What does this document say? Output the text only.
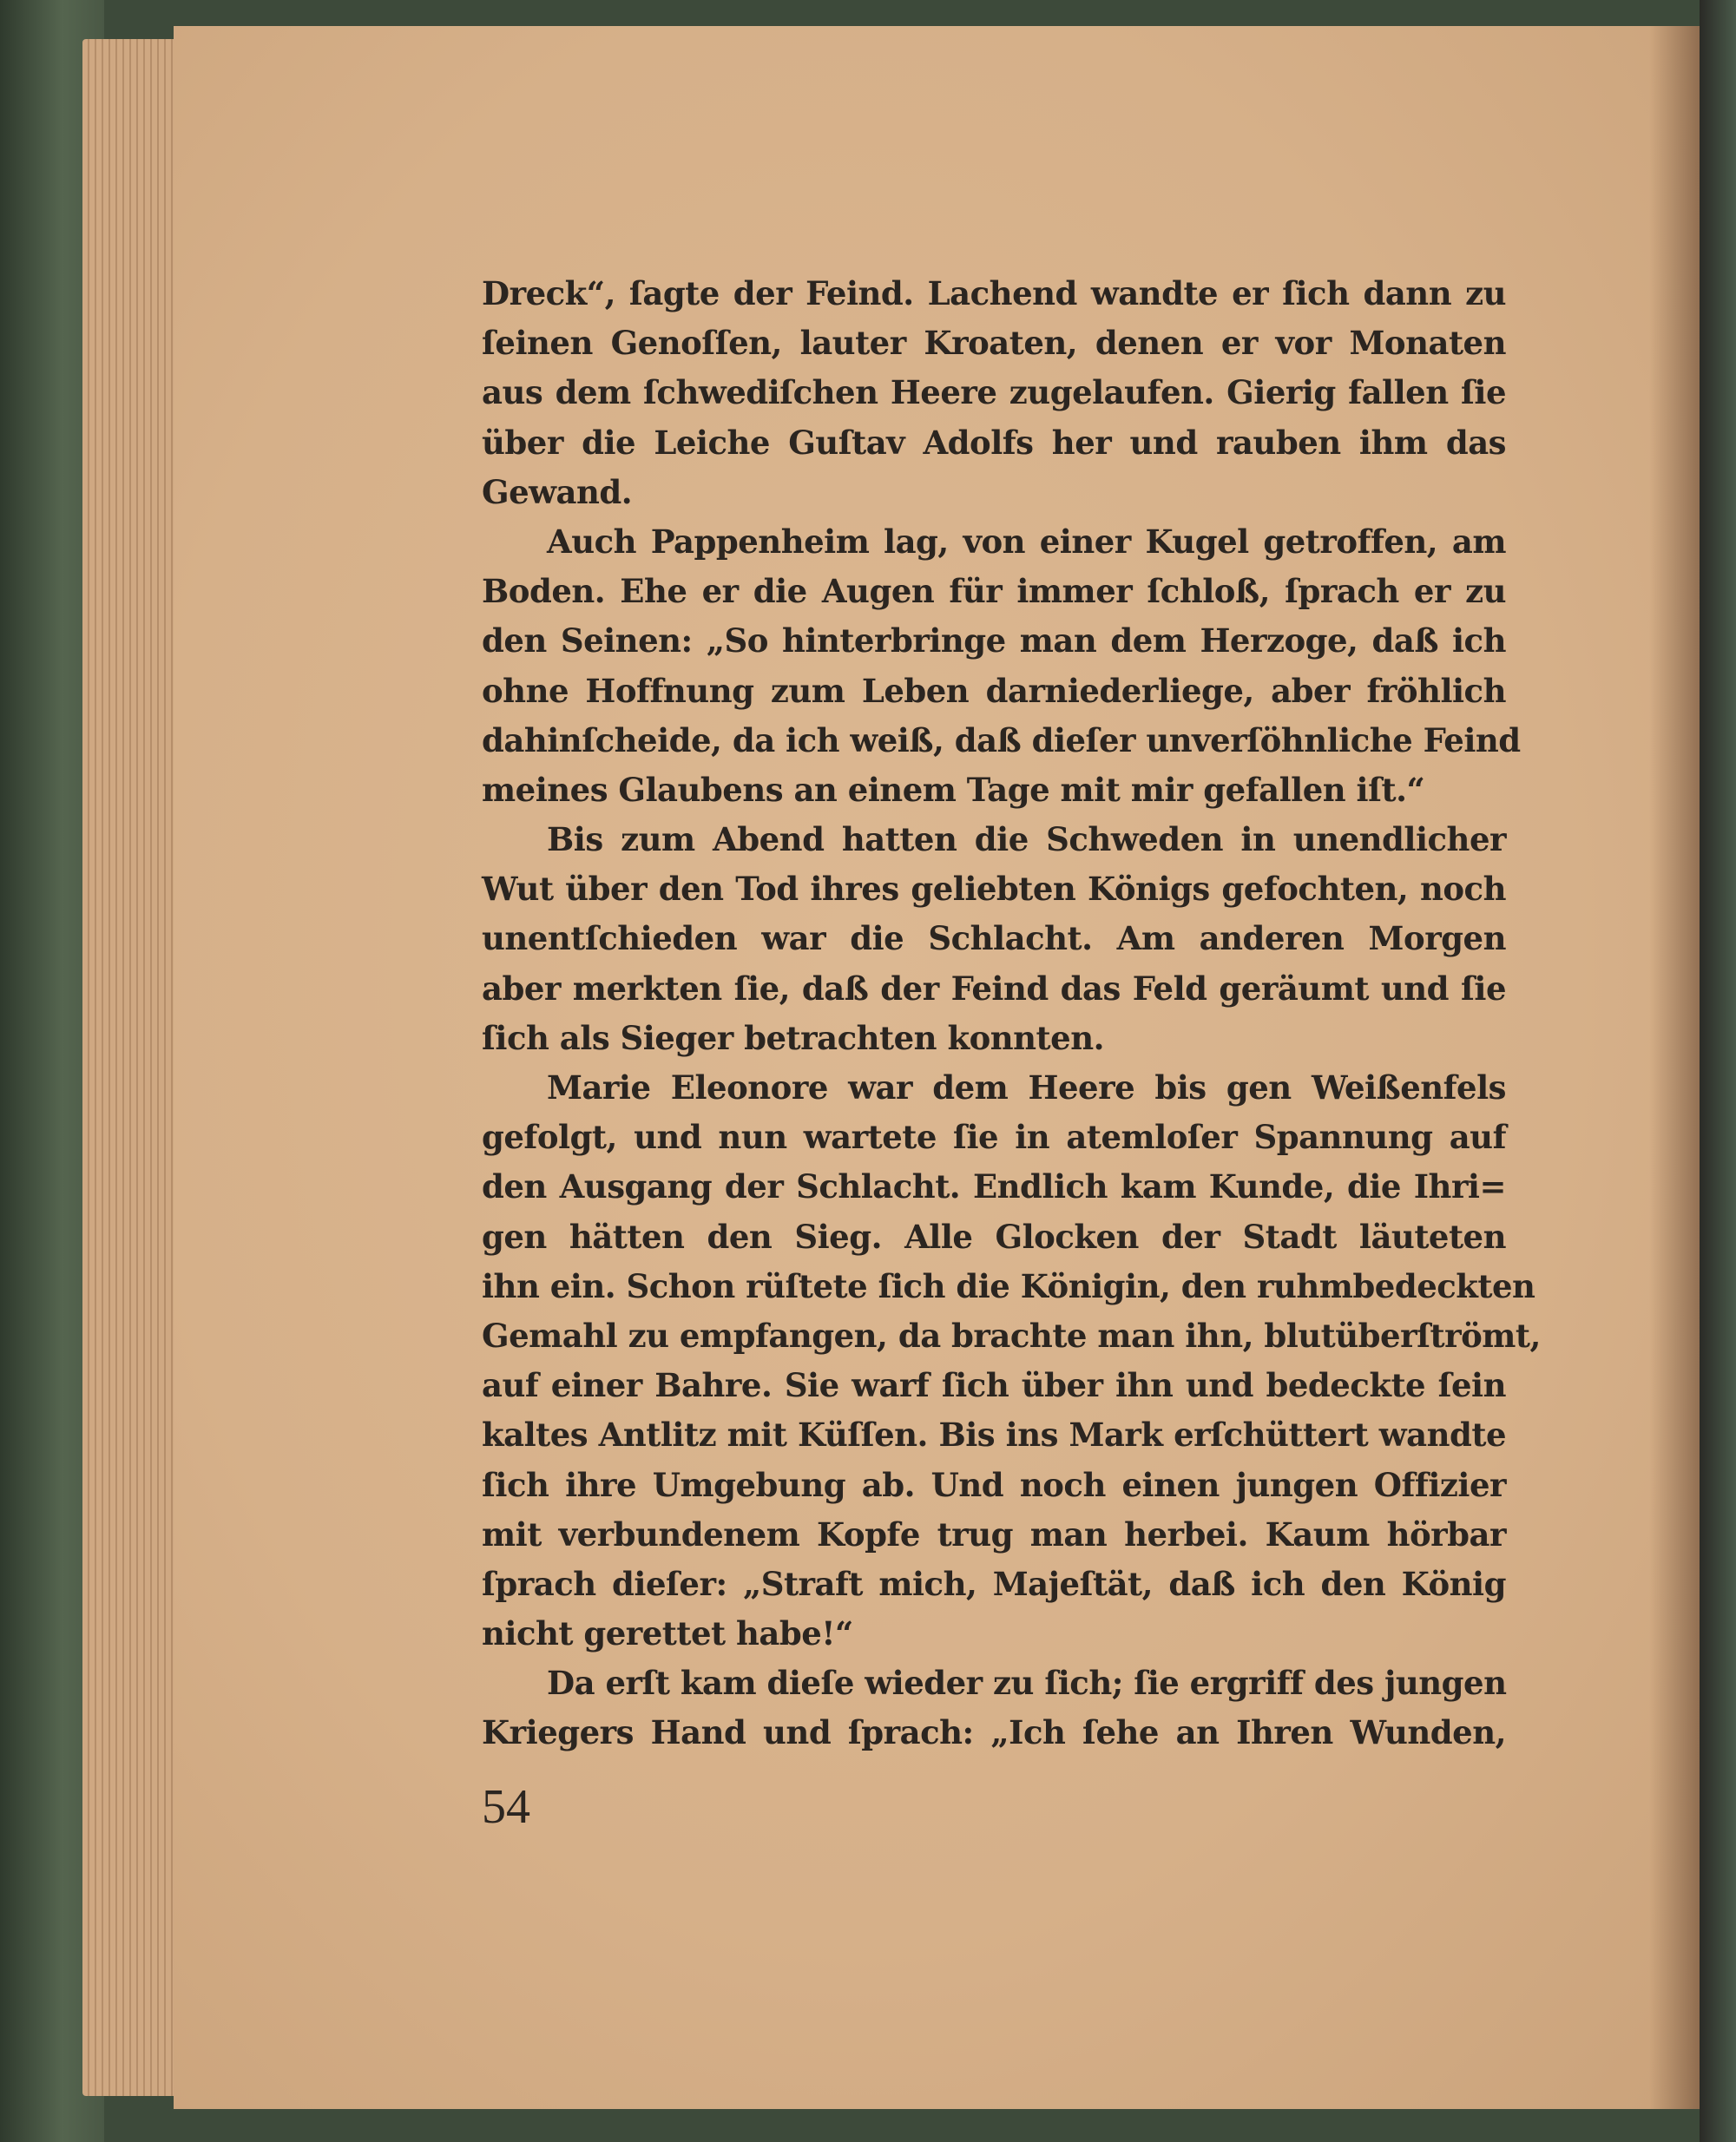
Dreck“, ſagte der Feind. Lachend wandte er ſich dann zu
ſeinen Genoſſen, lauter Kroaten, denen er vor Monaten
aus dem ſchwediſchen Heere zugelaufen. Gierig fallen ſie
über die Leiche Guſtav Adolfs her und rauben ihm das
Gewand.
Auch Pappenheim lag, von einer Kugel getroffen, am
Boden. Ehe er die Augen für immer ſchloß, ſprach er zu
den Seinen: „So hinterbringe man dem Herzoge, daß ich
ohne Hoffnung zum Leben darniederliege, aber fröhlich
dahinſcheide, da ich weiß, daß dieſer unverſöhnliche Feind
meines Glaubens an einem Tage mit mir gefallen iſt.“
Bis zum Abend hatten die Schweden in unendlicher
Wut über den Tod ihres geliebten Königs gefochten, noch
unentſchieden war die Schlacht. Am anderen Morgen
aber merkten ſie, daß der Feind das Feld geräumt und ſie
ſich als Sieger betrachten konnten.
Marie Eleonore war dem Heere bis gen Weißenfels
gefolgt, und nun wartete ſie in atemloſer Spannung auf
den Ausgang der Schlacht. Endlich kam Kunde, die Ihri=
gen hätten den Sieg. Alle Glocken der Stadt läuteten
ihn ein. Schon rüſtete ſich die Königin, den ruhmbedeckten
Gemahl zu empfangen, da brachte man ihn, blutüberſtrömt,
auf einer Bahre. Sie warf ſich über ihn und bedeckte ſein
kaltes Antlitz mit Küſſen. Bis ins Mark erſchüttert wandte
ſich ihre Umgebung ab. Und noch einen jungen Offizier
mit verbundenem Kopfe trug man herbei. Kaum hörbar
ſprach dieſer: „Straft mich, Majeſtät, daß ich den König
nicht gerettet habe!“
Da erſt kam dieſe wieder zu ſich; ſie ergriff des jungen
Kriegers Hand und ſprach: „Ich ſehe an Ihren Wunden,
54
